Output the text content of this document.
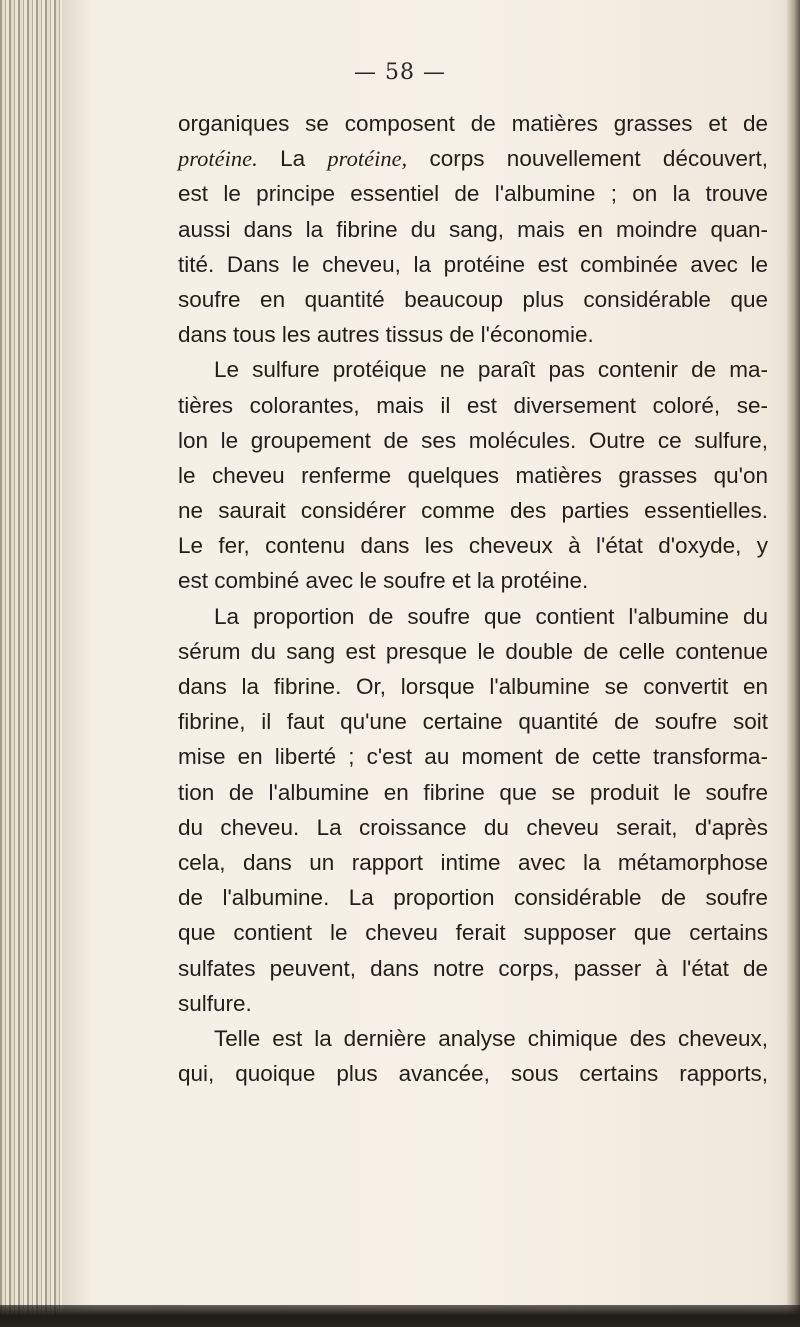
— 58 —
organiques se composent de matières grasses et de
protéine. La protéine, corps nouvellement découvert,
est le principe essentiel de l'albumine ; on la trouve
aussi dans la fibrine du sang, mais en moindre quan-
tité. Dans le cheveu, la protéine est combinée avec le
soufre en quantité beaucoup plus considérable que
dans tous les autres tissus de l'économie.
Le sulfure protéique ne paraît pas contenir de ma-
tières colorantes, mais il est diversement coloré, se-
lon le groupement de ses molécules. Outre ce sulfure,
le cheveu renferme quelques matières grasses qu'on
ne saurait considérer comme des parties essentielles.
Le fer, contenu dans les cheveux à l'état d'oxyde, y
est combiné avec le soufre et la protéine.
La proportion de soufre que contient l'albumine du
sérum du sang est presque le double de celle contenue
dans la fibrine. Or, lorsque l'albumine se convertit en
fibrine, il faut qu'une certaine quantité de soufre soit
mise en liberté ; c'est au moment de cette transforma-
tion de l'albumine en fibrine que se produit le soufre
du cheveu. La croissance du cheveu serait, d'après
cela, dans un rapport intime avec la métamorphose
de l'albumine. La proportion considérable de soufre
que contient le cheveu ferait supposer que certains
sulfates peuvent, dans notre corps, passer à l'état de
sulfure.
Telle est la dernière analyse chimique des cheveux,
qui, quoique plus avancée, sous certains rapports,
